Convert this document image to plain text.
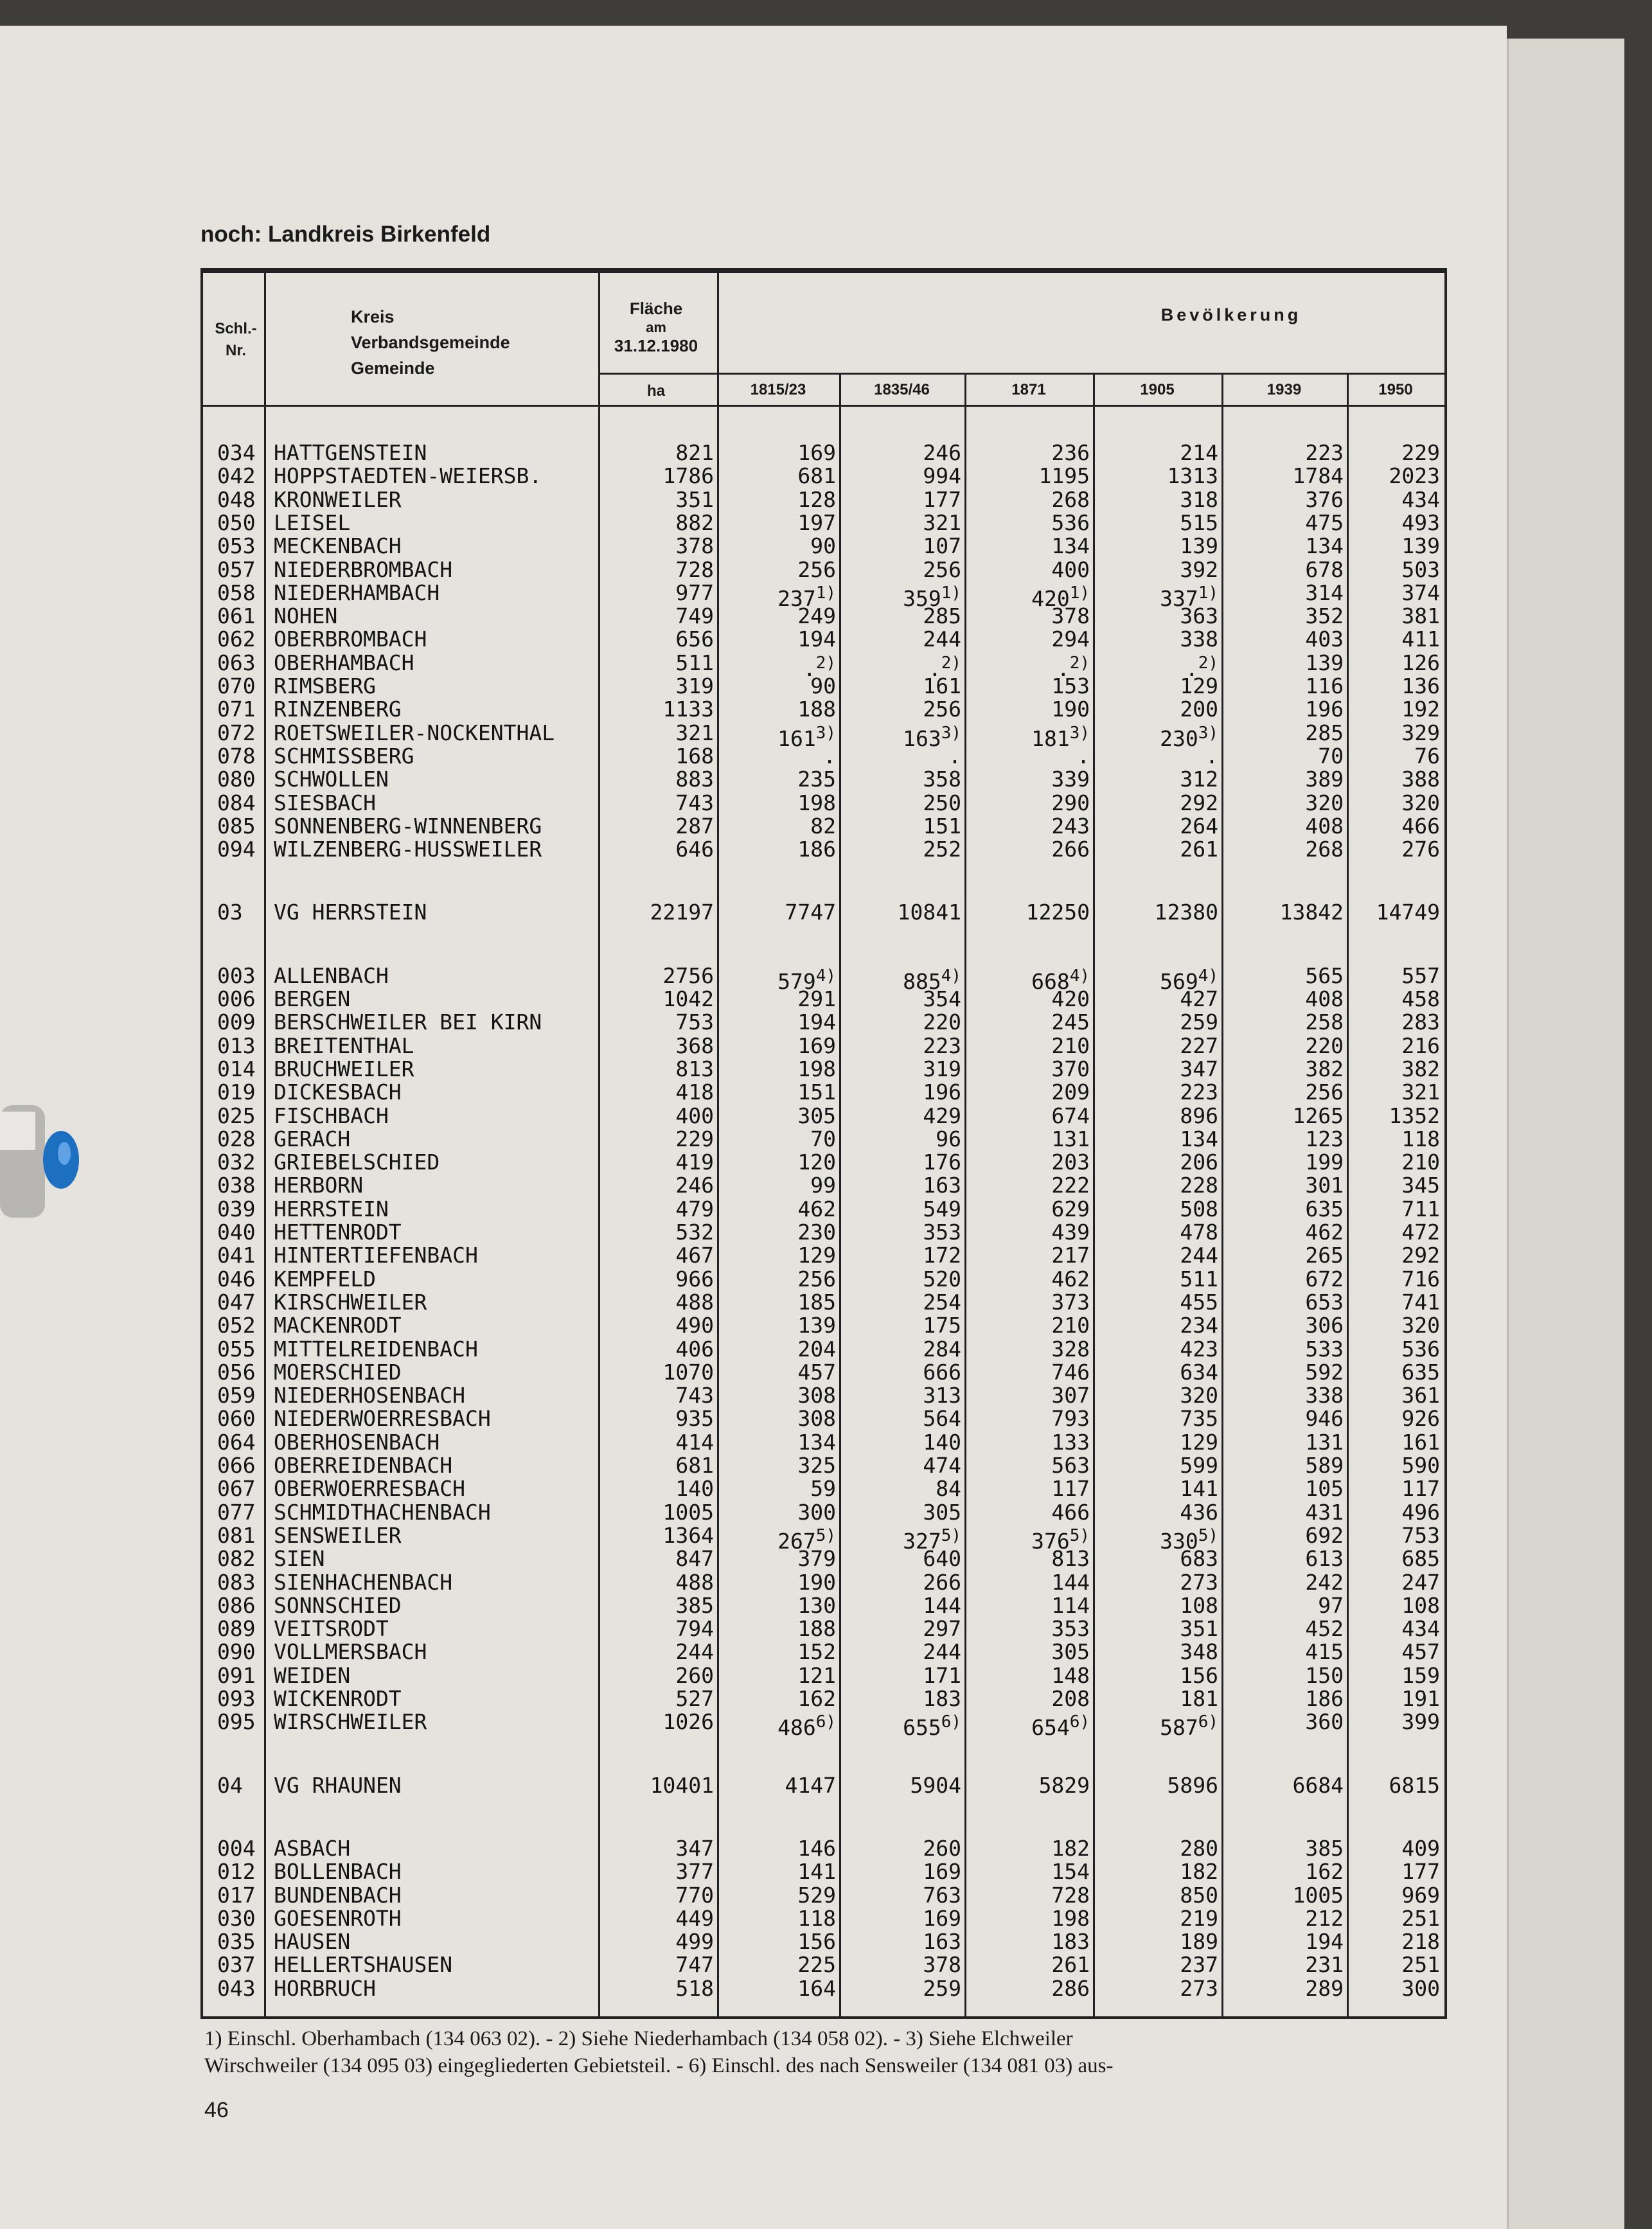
noch: Landkreis Birkenfeld
Schl.-
Nr.
Kreis
Verbandsgemeinde
Gemeinde
Fläche
am
31.12.1980
ha
Bevölkerung
1815/23	1835/46	1871	1905	1939	1950
034 HATTGENSTEIN	821	169	246	236	214	223	229
042 HOPPSTAEDTEN-WEIERSB.	1786	681	994	1195	1313	1784 2023
048 KRONWEILER	351	128	177	268	318	376	434
050 LEISEL	882	197	321	536	515	475	493
053 MECKENBACH	378	90	107	134	139	134	139
057 NIEDERBROMBACH	728	256	256	400	392	678	503
058 NIEDERHAMBACH	977	237$^{1)}$	359$^{1)}$	420$^{1)}$	337$^{1)}$	314	374
061 NOHEN	749	249	285	378	363	352	381
062 OBERBROMBACH	656	194	244	294	338	403	411
063 OBERHAMBACH	511	.$^{2)}$	.$^{2)}$	.$^{2)}$	.$^{2)}$	139	126
070 RIMSBERG	319	90	161	153	129	116	136
071 RINZENBERG	1133	188	256	190	200	196	192
072 ROETSWEILER-NOCKENTHAL	321	161$^{3)}$	163$^{3)}$	181$^{3)}$	230$^{3)}$	285	329
078 SCHMISSBERG	168	.	.	.	.	70	76
080 SCHWOLLEN	883	235	358	339	312	389	388
084 SIESBACH	743	198	250	290	292	320	320
085 SONNENBERG-WINNENBERG	287	82	151	243	264	408	466
094 WILZENBERG-HUSSWEILER	646	186	252	266	261	268	276
03 VG HERRSTEIN	22197	7747	10841	12250	12380	13842 14749
003 ALLENBACH	2756	579$^{4)}$	885$^{4)}$	668$^{4)}$	569$^{4)}$	565	557
006 BERGEN	1042	291	354	420	427	408	458
009 BERSCHWEILER BEI KIRN	753	194	220	245	259	258	283
013 BREITENTHAL	368	169	223	210	227	220	216
014 BRUCHWEILER	813	198	319	370	347	382	382
019 DICKESBACH	418	151	196	209	223	256	321
025 FISCHBACH	400	305	429	674	896	1265 1352
028 GERACH	229	70	96	131	134	123	118
032 GRIEBELSCHIED	419	120	176	203	206	199	210
038 HERBORN	246	99	163	222	228	301	345
039 HERRSTEIN	479	462	549	629	508	635	711
040 HETTENRODT	532	230	353	439	478	462	472
041 HINTERTIEFENBACH	467	129	172	217	244	265	292
046 KEMPFELD	966	256	520	462	511	672	716
047 KIRSCHWEILER	488	185	254	373	455	653	741
052 MACKENRODT	490	139	175	210	234	306	320
055 MITTELREIDENBACH	406	204	284	328	423	533	536
056 MOERSCHIED	1070	457	666	746	634	592	635
059 NIEDERHOSENBACH	743	308	313	307	320	338	361
060 NIEDERWOERRESBACH	935	308	564	793	735	946	926
064 OBERHOSENBACH	414	134	140	133	129	131	161
066 OBERREIDENBACH	681	325	474	563	599	589	590
067 OBERWOERRESBACH	140	59	84	117	141	105	117
077 SCHMIDTHACHENBACH	1005	300	305	466	436	431	496
081 SENSWEILER	1364	267$^{5)}$	327$^{5)}$	376$^{5)}$	330$^{5)}$	692	753
082 SIEN	847	379	640	813	683	613	685
083 SIENHACHENBACH	488	190	266	144	273	242	247
086 SONNSCHIED	385	130	144	114	108	97	108
089 VEITSRODT	794	188	297	353	351	452	434
090 VOLLMERSBACH	244	152	244	305	348	415	457
091 WEIDEN	260	121	171	148	156	150	159
093 WICKENRODT	527	162	183	208	181	186	191
095 WIRSCHWEILER	1026	486$^{6)}$	655$^{6)}$	654$^{6)}$	587$^{6)}$	360	399
04 VG RHAUNEN	10401	4147	5904	5829	5896	6684 6815
004 ASBACH	347	146	260	182	280	385	409
012 BOLLENBACH	377	141	169	154	182	162	177
017 BUNDENBACH	770	529	763	728	850	1005	969
030 GOESENROTH	449	118	169	198	219	212	251
035 HAUSEN	499	156	163	183	189	194	218
037 HELLERTSHAUSEN	747	225	378	261	237	231	251
043 HORBRUCH	518	164	259	286	273	289	300
1) Einschl. Oberhambach (134 063 02). - 2) Siehe Niederhambach (134 058 02). - 3) Siehe Elchweiler
Wirschweiler (134 095 03) eingegliederten Gebietsteil. - 6) Einschl. des nach Sensweiler (134 081 03) aus-
46
